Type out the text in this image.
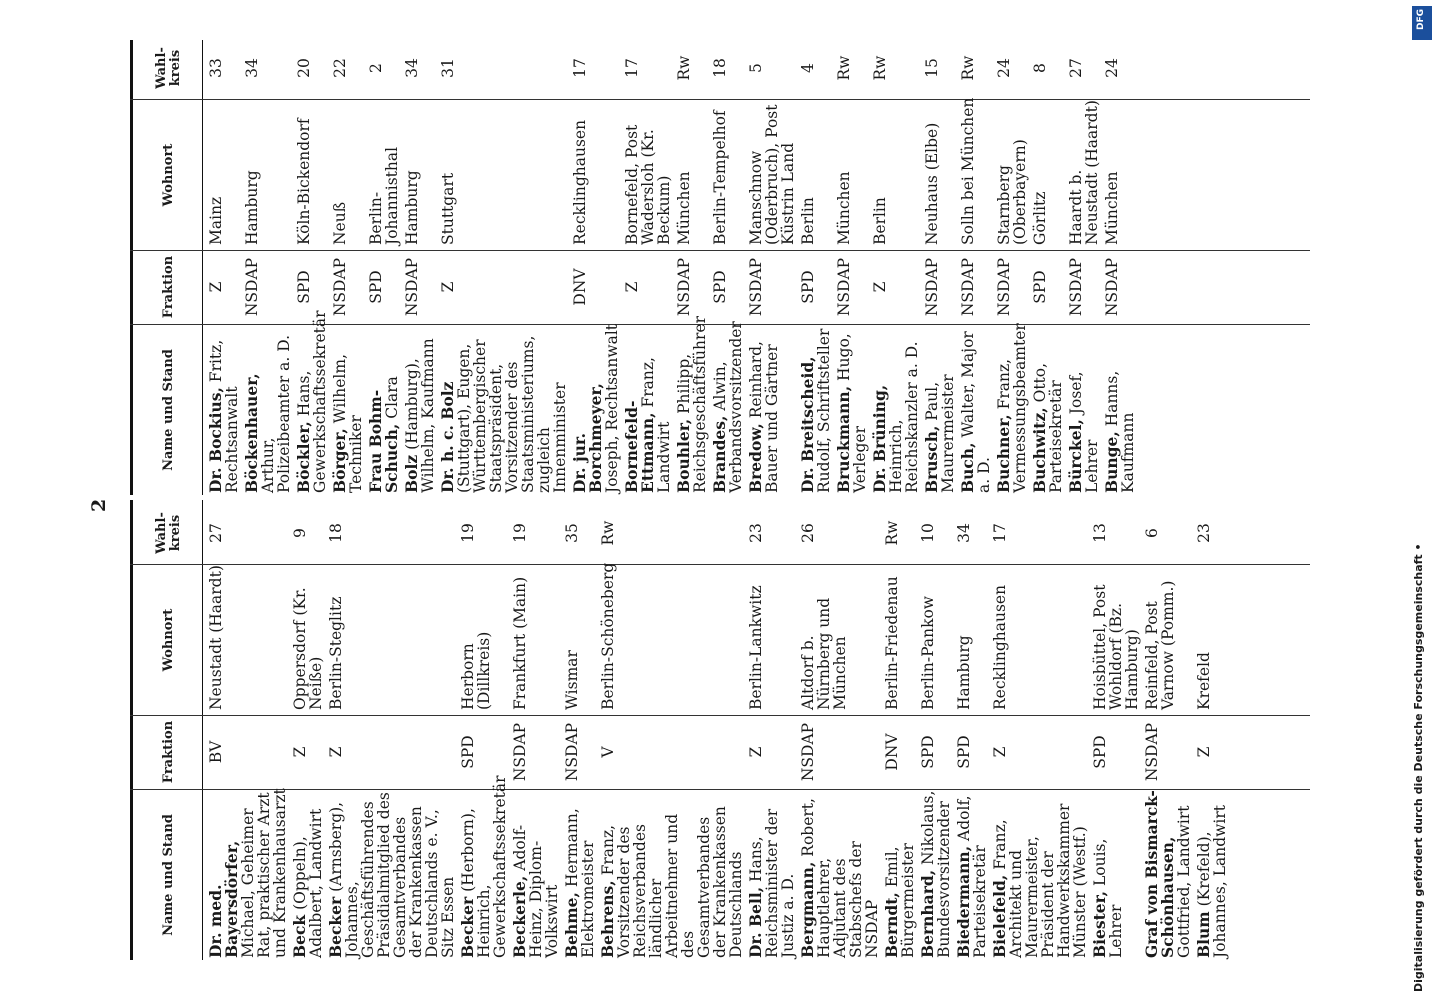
2
Name und Stand
Fraktion
Wohnort
Wahl-kreis
Dr. med. Bayersdörfer, Michael, Geheimer Rat, praktischer Arzt und Krankenhausarzt
BV
Neustadt (Haardt)
27
Beck (Oppeln), Adalbert, Landwirt
Z
Oppersdorf (Kr. Neiße)
9
Becker (Arnsberg), Johannes, Geschäftsführendes Präsidialmitglied des Gesamtverbandes der Krankenkassen Deutschlands e. V., Sitz Essen
Z
Berlin-Steglitz
18
Becker (Herborn), Heinrich, Gewerkschaftssekretär
SPD
Herborn (Dillkreis)
19
Beckerle, Adolf-Heinz, Diplom-Volkswirt
NSDAP
Frankfurt (Main)
19
Behme, Hermann, Elektromeister
NSDAP
Wismar
35
Behrens, Franz, Vorsitzender des Reichsverbandes ländlicher Arbeitnehmer und des Gesamtverbandes der Krankenkassen Deutschlands
V
Berlin-Schöneberg
Rw
Dr. Bell, Hans, Reichsminister der Justiz a. D.
Z
Berlin-Lankwitz
23
Bergmann, Robert, Hauptlehrer, Adjutant des Stabschefs der NSDAP
NSDAP
Altdorf b. Nürnberg und München
26
Berndt, Emil, Bürgermeister
DNV
Berlin-Friedenau
Rw
Bernhard, Nikolaus, Bundesvorsitzender
SPD
Berlin-Pankow
10
Biedermann, Adolf, Parteisekretär
SPD
Hamburg
34
Bielefeld, Franz, Architekt und Maurermeister, Präsident der Handwerkskammer Münster (Westf.)
Z
Recklinghausen
17
Biester, Louis, Lehrer
SPD
Hoisbüttel, Post Wohldorf (Bz. Hamburg)
13
Graf von Bismarck-Schönhausen, Gottfried, Landwirt
NSDAP
Reinfeld, Post Varnow (Pomm.)
6
Blum (Krefeld), Johannes, Landwirt
Z
Krefeld
23
Name und Stand
Fraktion
Wohnort
Wahl-kreis
Dr. Bockius, Fritz, Rechtsanwalt
Z
Mainz
33
Böckenhauer, Arthur, Polizeibeamter a. D.
NSDAP
Hamburg
34
Böckler, Hans, Gewerkschaftssekretär
SPD
Köln-Bickendorf
20
Börger, Wilhelm, Techniker
NSDAP
Neuß
22
Frau Bohm-Schuch, Clara
SPD
Berlin-Johannisthal
2
Bolz (Hamburg), Wilhelm, Kaufmann
NSDAP
Hamburg
34
Dr. h. c. Bolz (Stuttgart), Eugen, Württembergischer Staatspräsident, Vorsitzender des Staatsministeriums, zugleich Innenminister
Z
Stuttgart
31
Dr. jur. Borchmeyer, Joseph, Rechtsanwalt
DNV
Recklinghausen
17
Bornefeld-Ettmann, Franz, Landwirt
Z
Bornefeld, Post Wadersloh (Kr. Beckum)
17
Bouhler, Philipp, Reichsgeschäftsführer
NSDAP
München
Rw
Brandes, Alwin, Verbandsvorsitzender
SPD
Berlin-Tempelhof
18
Bredow, Reinhard, Bauer und Gärtner
NSDAP
Manschnow (Oderbruch), Post Küstrin Land
5
Dr. Breitscheid, Rudolf, Schriftsteller
SPD
Berlin
4
Bruckmann, Hugo, Verleger
NSDAP
München
Rw
Dr. Brüning, Heinrich, Reichskanzler a. D.
Z
Berlin
Rw
Brusch, Paul, Maurermeister
NSDAP
Neuhaus (Elbe)
15
Buch, Walter, Major a. D.
NSDAP
Solln bei München
Rw
Buchner, Franz, Vermessungsbeamter
NSDAP
Starnberg (Oberbayern)
24
Buchwitz, Otto, Parteisekretär
SPD
Görlitz
8
Bürckel, Josef, Lehrer
NSDAP
Haardt b. Neustadt (Haardt)
27
Bunge, Hanns, Kaufmann
NSDAP
München
24
DFG
Digitalisierung gefördert durch die Deutsche Forschungsgemeinschaft •
